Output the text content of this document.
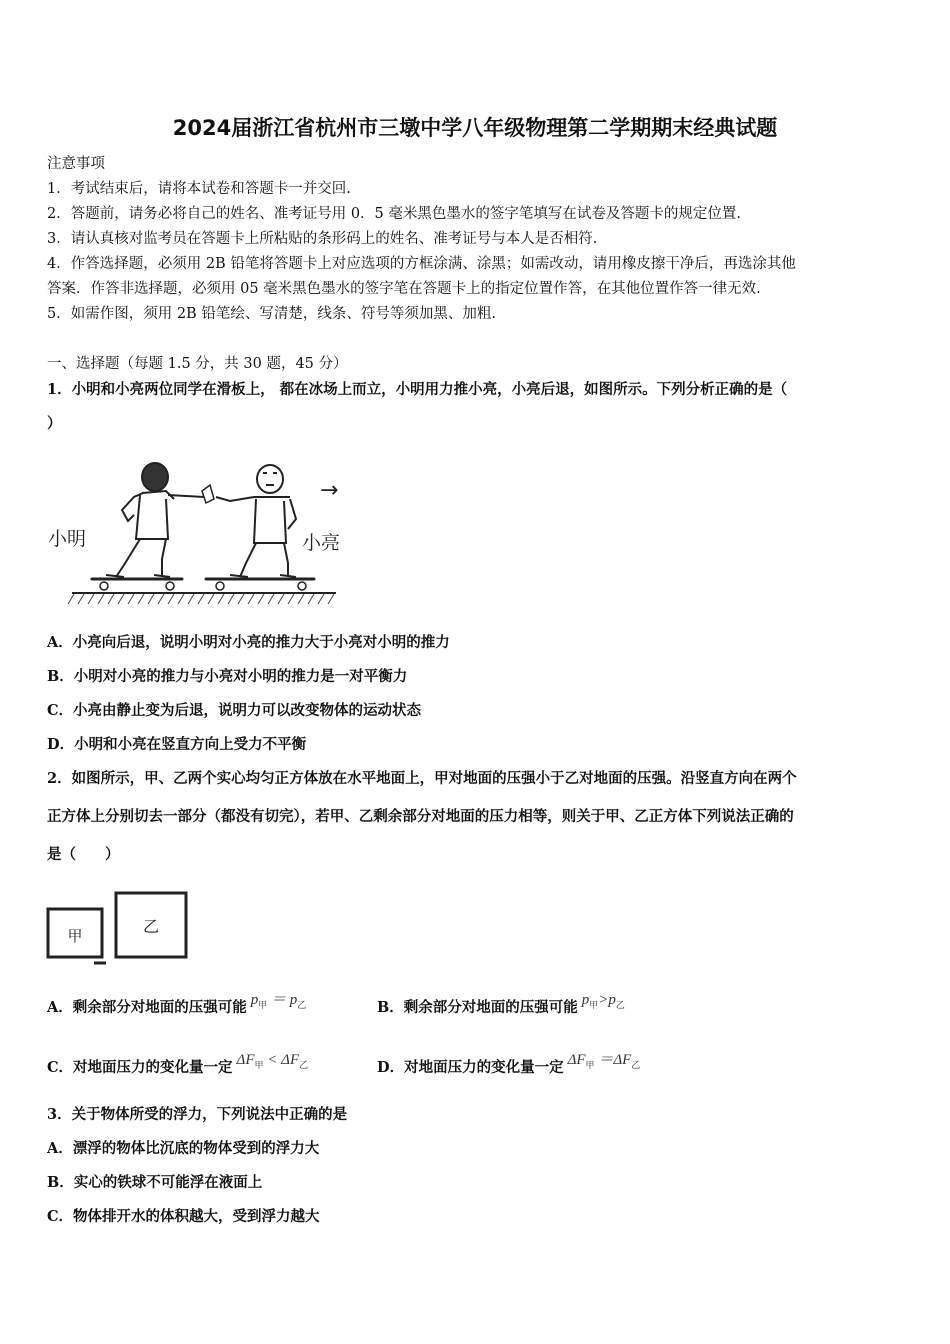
2024届浙江省杭州市三墩中学八年级物理第二学期期末经典试题
注意事项
1．考试结束后，请将本试卷和答题卡一并交回.
2．答题前，请务必将自己的姓名、准考证号用 0．5 毫米黑色墨水的签字笔填写在试卷及答题卡的规定位置.
3．请认真核对监考员在答题卡上所粘贴的条形码上的姓名、准考证号与本人是否相符.
4．作答选择题，必须用 2B 铅笔将答题卡上对应选项的方框涂满、涂黑；如需改动，请用橡皮擦干净后，再选涂其他
答案．作答非选择题，必须用 05 毫米黑色墨水的签字笔在答题卡上的指定位置作答，在其他位置作答一律无效.
5．如需作图，须用 2B 铅笔绘、写清楚，线条、符号等须加黑、加粗.
一、选择题（每题 1.5 分，共 30 题，45 分）
1．小明和小亮两位同学在滑板上， 都在冰场上而立，小明用力推小亮，小亮后退，如图所示。下列分析正确的是（
）
→
小明	小亮
A．小亮向后退，说明小明对小亮的推力大于小亮对小明的推力
B．小明对小亮的推力与小亮对小明的推力是一对平衡力
C．小亮由静止变为后退，说明力可以改变物体的运动状态
D．小明和小亮在竖直方向上受力不平衡
2．如图所示，甲、乙两个实心均匀正方体放在水平地面上，甲对地面的压强小于乙对地面的压强。沿竖直方向在两个
正方体上分别切去一部分（都没有切完），若甲、乙剩余部分对地面的压力相等，则关于甲、乙正方体下列说法正确的
是（　　）
甲	乙
A．剩余部分对地面的压强可能 $p_甲 = p_乙$	B．剩余部分对地面的压强可能 $p_甲>p_乙$
C．对地面压力的变化量一定 $\Delta F_甲 < \Delta F_乙$	D．对地面压力的变化量一定 $\Delta F_甲 =\Delta F_乙$
3．关于物体所受的浮力，下列说法中正确的是
A．漂浮的物体比沉底的物体受到的浮力大
B．实心的铁球不可能浮在液面上
C．物体排开水的体积越大，受到浮力越大
